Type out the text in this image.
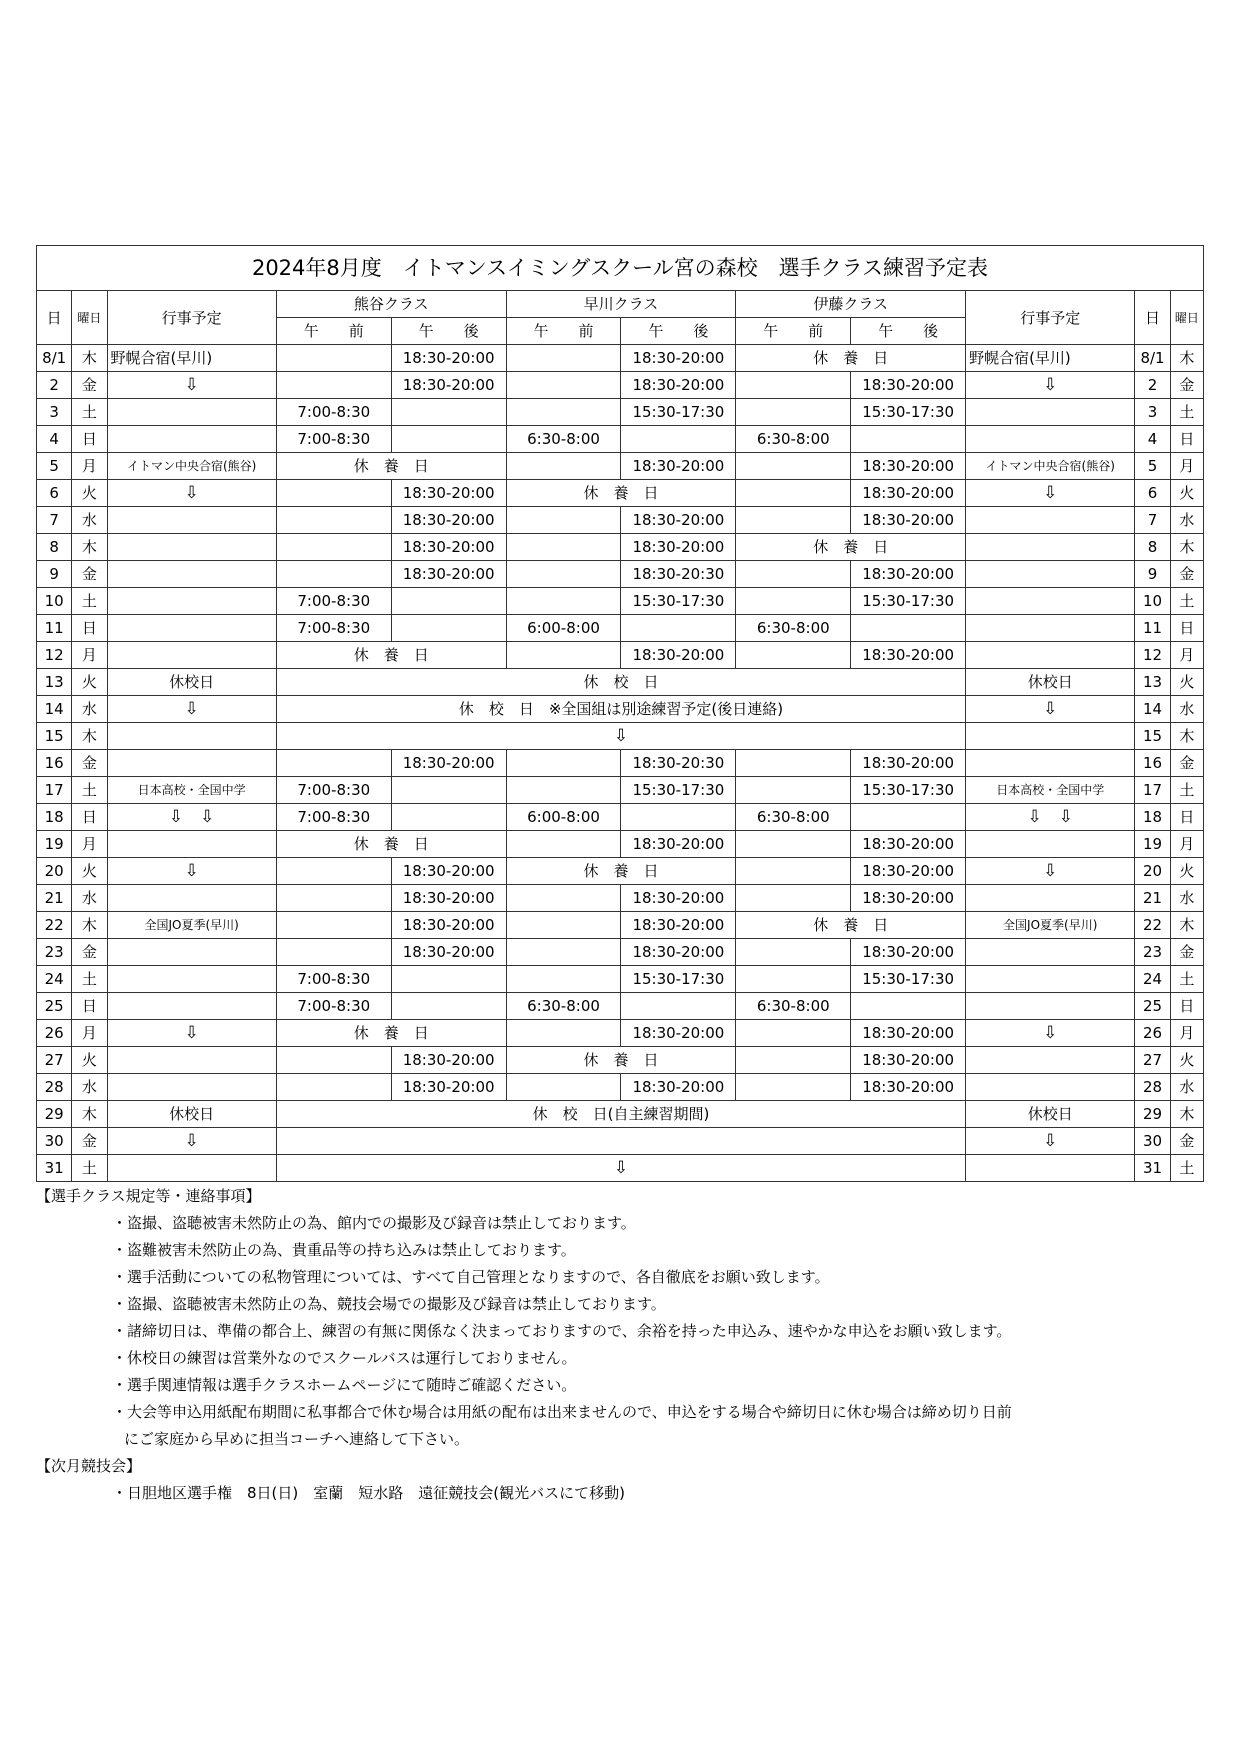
2024年8月度　イトマンスイミングスクール宮の森校　選手クラス練習予定表											
日	曜日	行事予定	熊谷クラス		早川クラス		伊藤クラス		行事予定	日	曜日
			午　　前	午　　後	午　　前	午　　後	午　　前	午　　後			
8/1	木	野幌合宿(早川)		18:30-20:00		18:30-20:00	休　養　日		野幌合宿(早川)	8/1	木
2	金	⇩		18:30-20:00		18:30-20:00		18:30-20:00	⇩	2	金
3	土		7:00-8:30			15:30-17:30		15:30-17:30		3	土
4	日		7:00-8:30		6:30-8:00		6:30-8:00			4	日
5	月	イトマン中央合宿(熊谷)	休　養　日			18:30-20:00		18:30-20:00	イトマン中央合宿(熊谷)	5	月
6	火	⇩		18:30-20:00	休　養　日			18:30-20:00	⇩	6	火
7	水			18:30-20:00		18:30-20:00		18:30-20:00		7	水
8	木			18:30-20:00		18:30-20:00	休　養　日			8	木
9	金			18:30-20:00		18:30-20:30		18:30-20:00		9	金
10	土		7:00-8:30			15:30-17:30		15:30-17:30		10	土
11	日		7:00-8:30		6:00-8:00		6:30-8:00			11	日
12	月		休　養　日			18:30-20:00		18:30-20:00		12	月
13	火	休校日	休　校　日						休校日	13	火
14	水	⇩	休　校　日　※全国組は別途練習予定(後日連絡)						⇩	14	水
15	木		⇩							15	木
16	金			18:30-20:00		18:30-20:30		18:30-20:00		16	金
17	土	日本高校・全国中学	7:00-8:30			15:30-17:30		15:30-17:30	日本高校・全国中学	17	土
18	日	⇩　⇩	7:00-8:30		6:00-8:00		6:30-8:00		⇩　⇩	18	日
19	月		休　養　日			18:30-20:00		18:30-20:00		19	月
20	火	⇩		18:30-20:00	休　養　日			18:30-20:00	⇩	20	火
21	水			18:30-20:00		18:30-20:00		18:30-20:00		21	水
22	木	全国JO夏季(早川)		18:30-20:00		18:30-20:00	休　養　日		全国JO夏季(早川)	22	木
23	金			18:30-20:00		18:30-20:00		18:30-20:00		23	金
24	土		7:00-8:30			15:30-17:30		15:30-17:30		24	土
25	日		7:00-8:30		6:30-8:00		6:30-8:00			25	日
26	月	⇩	休　養　日			18:30-20:00		18:30-20:00	⇩	26	月
27	火			18:30-20:00	休　養　日			18:30-20:00		27	火
28	水			18:30-20:00		18:30-20:00		18:30-20:00		28	水
29	木	休校日	休　校　日(自主練習期間)						休校日	29	木
30	金	⇩							⇩	30	金
31	土		⇩							31	土
【選手クラス規定等・連絡事項】
・盗撮、盗聴被害未然防止の為、館内での撮影及び録音は禁止しております。
・盗難被害未然防止の為、貴重品等の持ち込みは禁止しております。
・選手活動についての私物管理については、すべて自己管理となりますので、各自徹底をお願い致します。
・盗撮、盗聴被害未然防止の為、競技会場での撮影及び録音は禁止しております。
・諸締切日は、準備の都合上、練習の有無に関係なく決まっておりますので、余裕を持った申込み、速やかな申込をお願い致します。
・休校日の練習は営業外なのでスクールバスは運行しておりません。
・選手関連情報は選手クラスホームページにて随時ご確認ください。
・大会等申込用紙配布期間に私事都合で休む場合は用紙の配布は出来ませんので、申込をする場合や締切日に休む場合は締め切り日前
にご家庭から早めに担当コーチへ連絡して下さい。
【次月競技会】
・日胆地区選手権　8日(日)　室蘭　短水路　遠征競技会(観光バスにて移動)
